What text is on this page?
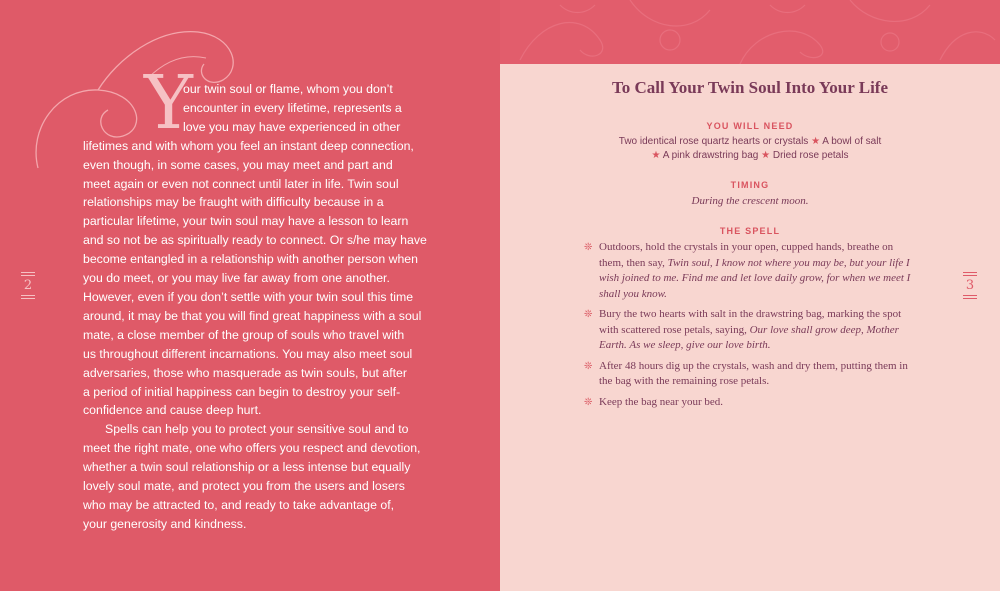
Y

our twin soul or flame, whom you don’t

encounter in every lifetime, represents a

love you may have experienced in other

lifetimes and with whom you feel an instant deep connection,

even though, in some cases, you may meet and part and

meet again or even not connect until later in life. Twin soul

relationships may be fraught with difficulty because in a

particular lifetime, your twin soul may have a lesson to learn

and so not be as spiritually ready to connect. Or s/he may have

become entangled in a relationship with another person when

you do meet, or you may live far away from one another.

However, even if you don’t settle with your twin soul this time

around, it may be that you will find great happiness with a soul

mate, a close member of the group of souls who travel with

us throughout different incarnations. You may also meet soul

adversaries, those who masquerade as twin souls, but after

a period of initial happiness can begin to destroy your self-

confidence and cause deep hurt.

Spells can help you to protect your sensitive soul and to

meet the right mate, one who offers you respect and devotion,

whether a twin soul relationship or a less intense but equally

lovely soul mate, and protect you from the users and losers

who may be attracted to, and ready to take advantage of,

your generosity and kindness.

2
To Call Your Twin Soul Into Your Life
YOU WILL NEED
Two identical rose quartz hearts or crystals ★ A bowl of salt
★ A pink drawstring bag ★ Dried rose petals
TIMING
During the crescent moon.
THE SPELL
❊ Outdoors, hold the crystals in your open, cupped hands, breathe on them, then say, Twin soul, I know not where you may be, but your life I wish joined to me. Find me and let love daily grow, for when we meet I shall you know.
❊ Bury the two hearts with salt in the drawstring bag, marking the spot with scattered rose petals, saying, Our love shall grow deep, Mother Earth. As we sleep, give our love birth.
❊ After 48 hours dig up the crystals, wash and dry them, putting them in the bag with the remaining rose petals.
❊ Keep the bag near your bed.
3
